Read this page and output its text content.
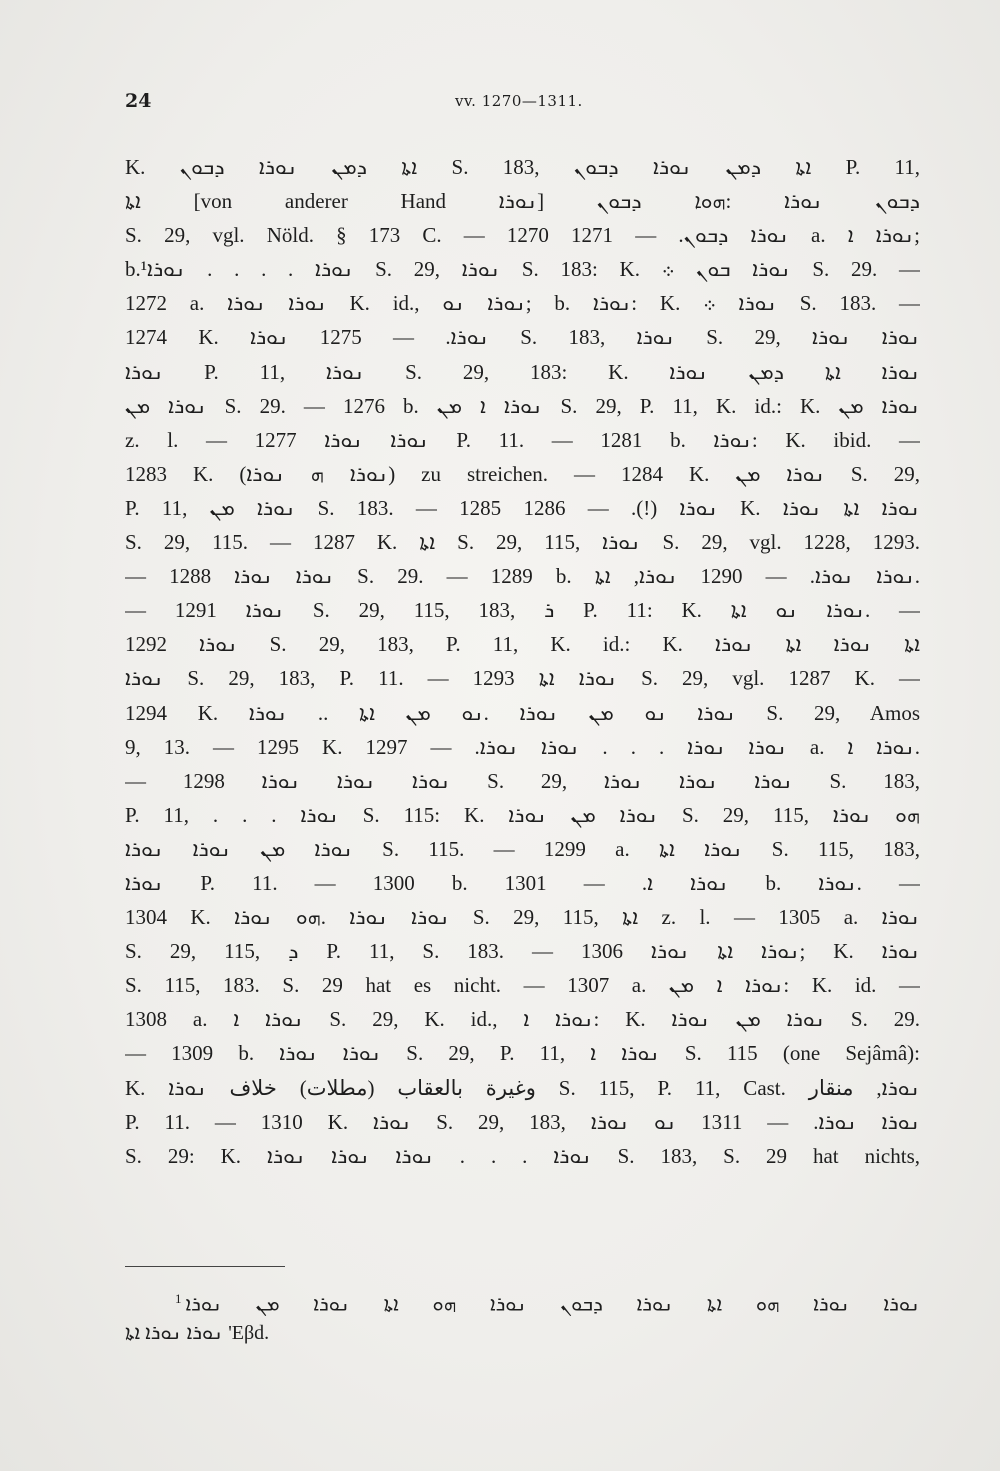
24	vv. 1270—1311.
K. ܐܬܐ ܕܡܢ ܢܘܪܐ ܕܒܘܢ S. 183, ܐܬܐ ܕܡܢ ܢܘܪܐ ܕܒܘܢ P. 11,
ܐܬܐ [von anderer Hand ܢܘܪܐ] ܕܒܘܢ ܢܘܪܐ :ܗܘܐ ܕܒܘܢ
S. 29, vgl. Nöld. § 173 C. — 1270 ܢܘܪܐ ܕܒܘܢ. — 1271 a. ܢܘܪܐ ܐ;
b.¹ܢܘܪܐ . . . . ܢܘܪܐ S. 29, ܢܘܪܐ S. 183: K. ܢܘܪܐ ܒܘܢ ܀ S. 29. —
1272 a. ܢܘܪܐ ܢܘܪܐ K. id., ܢܘܪܐ ܢܘ; b. ܢܘܪܐ: K. ܢܘܪܐ ܀ S. 183. —
1274 K. ܢܘܪܐ. — 1275 ܢܘܪܐ S. 183, ܢܘܪܐ S. 29, ܢܘܪܐ ܢܘܪܐ
ܢܘܪܐ P. 11, ܢܘܪܐ S. 29, 183: K. ܢܘܪܐ ܐܬܐ ܕܡܢ ܢܘܪܐ
ܢܘܪܐ ܡܢ S. 29. — 1276 b. ܢܘܪܐ ܐ ܡܢ S. 29, P. 11, K. id.: K. ܢܘܪܐ ܡܢ
z. l. — 1277 ܢܘܪܐ ܢܘܪܐ P. 11. — 1281 b. ܢܘܪܐ: K. ibid. —
1283 K. (ܢܘܪܐ ܗ ܢܘܪܐ) zu streichen. — 1284 K. ܢܘܪܐ ܡܢ S. 29,
P. 11, ܢܘܪܐ ܡܢ S. 183. — 1285 ܢܘܪܐ (!). — 1286 K. ܢܘܪܐ ܐܬܐ ܢܘܪܐ
S. 29, 115. — 1287 K. ܐܬܐ S. 29, 115, ܢܘܪܐ S. 29, vgl. 1228, 1293.
— 1288 ܢܘܪܐ ܢܘܪܐ S. 29. — 1289 b. ܢܘܪܐ ܢܘܪܐ. — 1290 ܢܘܪܐ, ܐܬܐ.
— 1291 ܢܘܪܐ S. 29, 115, 183, ܪ P. 11: K. ܢܘܪܐ ܢܘ ܐܬܐ. —
1292 ܢܘܪܐ S. 29, 183, P. 11, K. id.: K. ܐܬܐ ܢܘܪܐ ܐܬܐ ܢܘܪܐ
ܢܘܪܐ S. 29, 183, P. 11. — 1293 ܢܘܪܐ ܐܬܐ S. 29, vgl. 1287 K. —
1294 K. ܢܘܪܐ ܢܘ ܡܢ ܢܘܪܐ .ܢܘ ܡܢ ܐܬܐ .. ܢܘܪܐ S. 29, Amos
9, 13. — 1295 K. ܢܘܪܐ ܢܘܪܐ . . . ܢܘܪܐ ܢܘܪܐ. — 1297 a. ܢܘܪܐ ܐ.
— 1298 ܢܘܪܐ ܢܘܪܐ ܢܘܪܐ S. 29, ܢܘܪܐ ܢܘܪܐ ܢܘܪܐ S. 183,
P. 11, . . . ܢܘܪܐ S. 115: K. ܢܘܪܐ ܡܢ ܢܘܪܐ S. 29, 115, ܗܘ ܢܘܪܐ
ܢܘܪܐ ܡܢ ܢܘܪܐ ܢܘܪܐ S. 115. — 1299 a. ܢܘܪܐ ܐܬܐ S. 115, 183,
ܢܘܪܐ P. 11. — 1300 b. ܢܘܪܐ ܐ. — 1301 b. ܢܘܪܐ. —
1304 K. ܢܘܪܐ ܢܘܪܐ .ܗܘ ܢܘܪܐ S. 29, 115, ܐܬܐ z. l. — 1305 a. ܢܘܪܐ
S. 29, 115, ܕ P. 11, S. 183. — 1306 ܢܘܪܐ ܐܬܐ ܢܘܪܐ; K. ܢܘܪܐ
S. 115, 183. S. 29 hat es nicht. — 1307 a. ܢܘܪܐ ܐ ܡܢ: K. id. —
1308 a. ܢܘܪܐ ܐ S. 29, K. id., ܢܘܪܐ ܐ: K. ܢܘܪܐ ܡܢ ܢܘܪܐ S. 29.
— 1309 b. ܢܘܪܐ ܢܘܪܐ S. 29, P. 11, ܢܘܪܐ ܐ S. 115 (one Sejâmâ):
K. وغيرة بالعقاب (مطلات) خلاف ܢܘܪܐ S. 115, P. 11, Cast. ܢܘܪܐ, منقار
P. 11. — 1310 K. ܢܘܪܐ S. 29, 183, ܢܘܪܐ ܢܘܪܐ. — 1311 ܢܘ ܢܘܪܐ
S. 29: K. ܢܘܪܐ . . . ܢܘܪܐ ܢܘܪܐ ܢܘܪܐ S. 183, S. 29 hat nichts,
$^1$ ܢܘܪܐ ܢܘܪܐ ܗܘ ܐܬܐ ܢܘܪܐ ܕܒܘܢ ܢܘܪܐ ܗܘ ܐܬܐ ܢܘܪܐ ܡܢ ܢܘܪܐ
ܢܘܪܐ ܢܘܪܐ ܐܬܐ 'Eβd.
